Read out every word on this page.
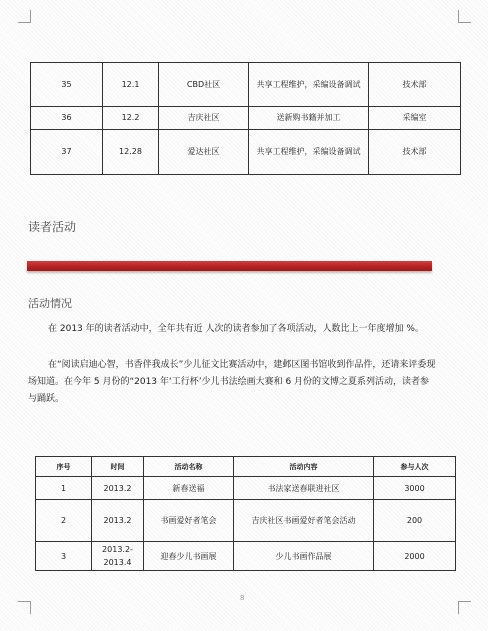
35	12.1	CBD社区	共享工程维护，采编设备调试	技术部
36	12.2	吉庆社区	送新购书籍并加工	采编室
37	12.28	爱达社区	共享工程维护，采编设备调试	技术部
读者活动
活动情况
在 2013 年的读者活动中，全年共有近 人次的读者参加了各项活动，人数比上一年度增加 %。
在“阅读启迪心智，书香伴我成长”少儿征文比赛活动中，建邺区图书馆收到作品件，还请来评委现场知道。在今年 5 月份的“2013 年‘工行杯’少儿书法绘画大赛和 6 月份的文博之夏系列活动，读者参与踊跃。
序号	时间	活动名称	活动内容	参与人次
1	2013.2	新春送福	书法家送春联进社区	3000
2	2013.2	书画爱好者笔会	吉庆社区书画爱好者笔会活动	200
3	2013.2-2013.4	迎春少儿书画展	少儿书画作品展	2000
8
